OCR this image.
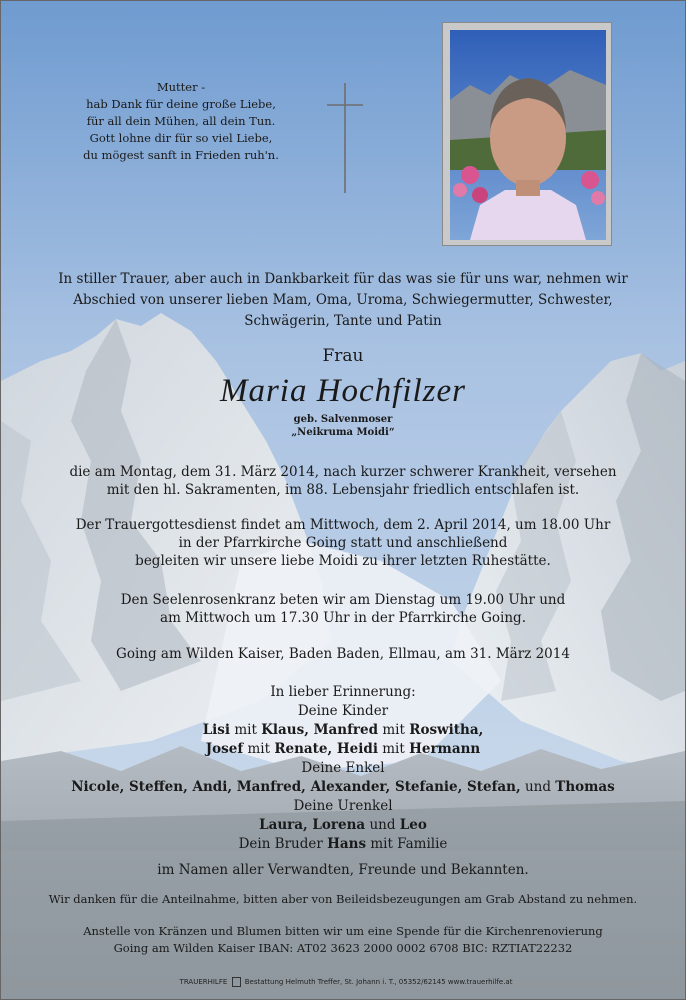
Mutter -
hab Dank für deine große Liebe,
für all dein Mühen, all dein Tun.
Gott lohne dir für so viel Liebe,
du mögest sanft in Frieden ruh'n.
In stiller Trauer, aber auch in Dankbarkeit für das was sie für uns war, nehmen wir
Abschied von unserer lieben Mam, Oma, Uroma, Schwiegermutter, Schwester,
Schwägerin, Tante und Patin
Frau
Maria Hochfilzer
geb. Salvenmoser
„Neikruma Moidi“
die am Montag, dem 31. März 2014, nach kurzer schwerer Krankheit, versehen
mit den hl. Sakramenten, im 88. Lebensjahr friedlich entschlafen ist.
Der Trauergottesdienst findet am Mittwoch, dem 2. April 2014, um 18.00 Uhr
in der Pfarrkirche Going statt und anschließend
begleiten wir unsere liebe Moidi zu ihrer letzten Ruhestätte.
Den Seelenrosenkranz beten wir am Dienstag um 19.00 Uhr und
am Mittwoch um 17.30 Uhr in der Pfarrkirche Going.
Going am Wilden Kaiser, Baden Baden, Ellmau, am 31. März 2014
In lieber Erinnerung:
Deine Kinder
Lisi mit Klaus, Manfred mit Roswitha,
Josef mit Renate, Heidi mit Hermann
Deine Enkel
Nicole, Steffen, Andi, Manfred, Alexander, Stefanie, Stefan, und Thomas
Deine Urenkel
Laura, Lorena und Leo
Dein Bruder Hans mit Familie
im Namen aller Verwandten, Freunde und Bekannten.
Wir danken für die Anteilnahme, bitten aber von Beileidsbezeugungen am Grab Abstand zu nehmen.
Anstelle von Kränzen und Blumen bitten wir um eine Spende für die Kirchenrenovierung
Going am Wilden Kaiser IBAN: AT02 3623 2000 0002 6708 BIC: RZTIAT22232
TRAUERHILFE Bestattung Helmuth Treffer, St. Johann i. T., 05352/62145 www.trauerhilfe.at
